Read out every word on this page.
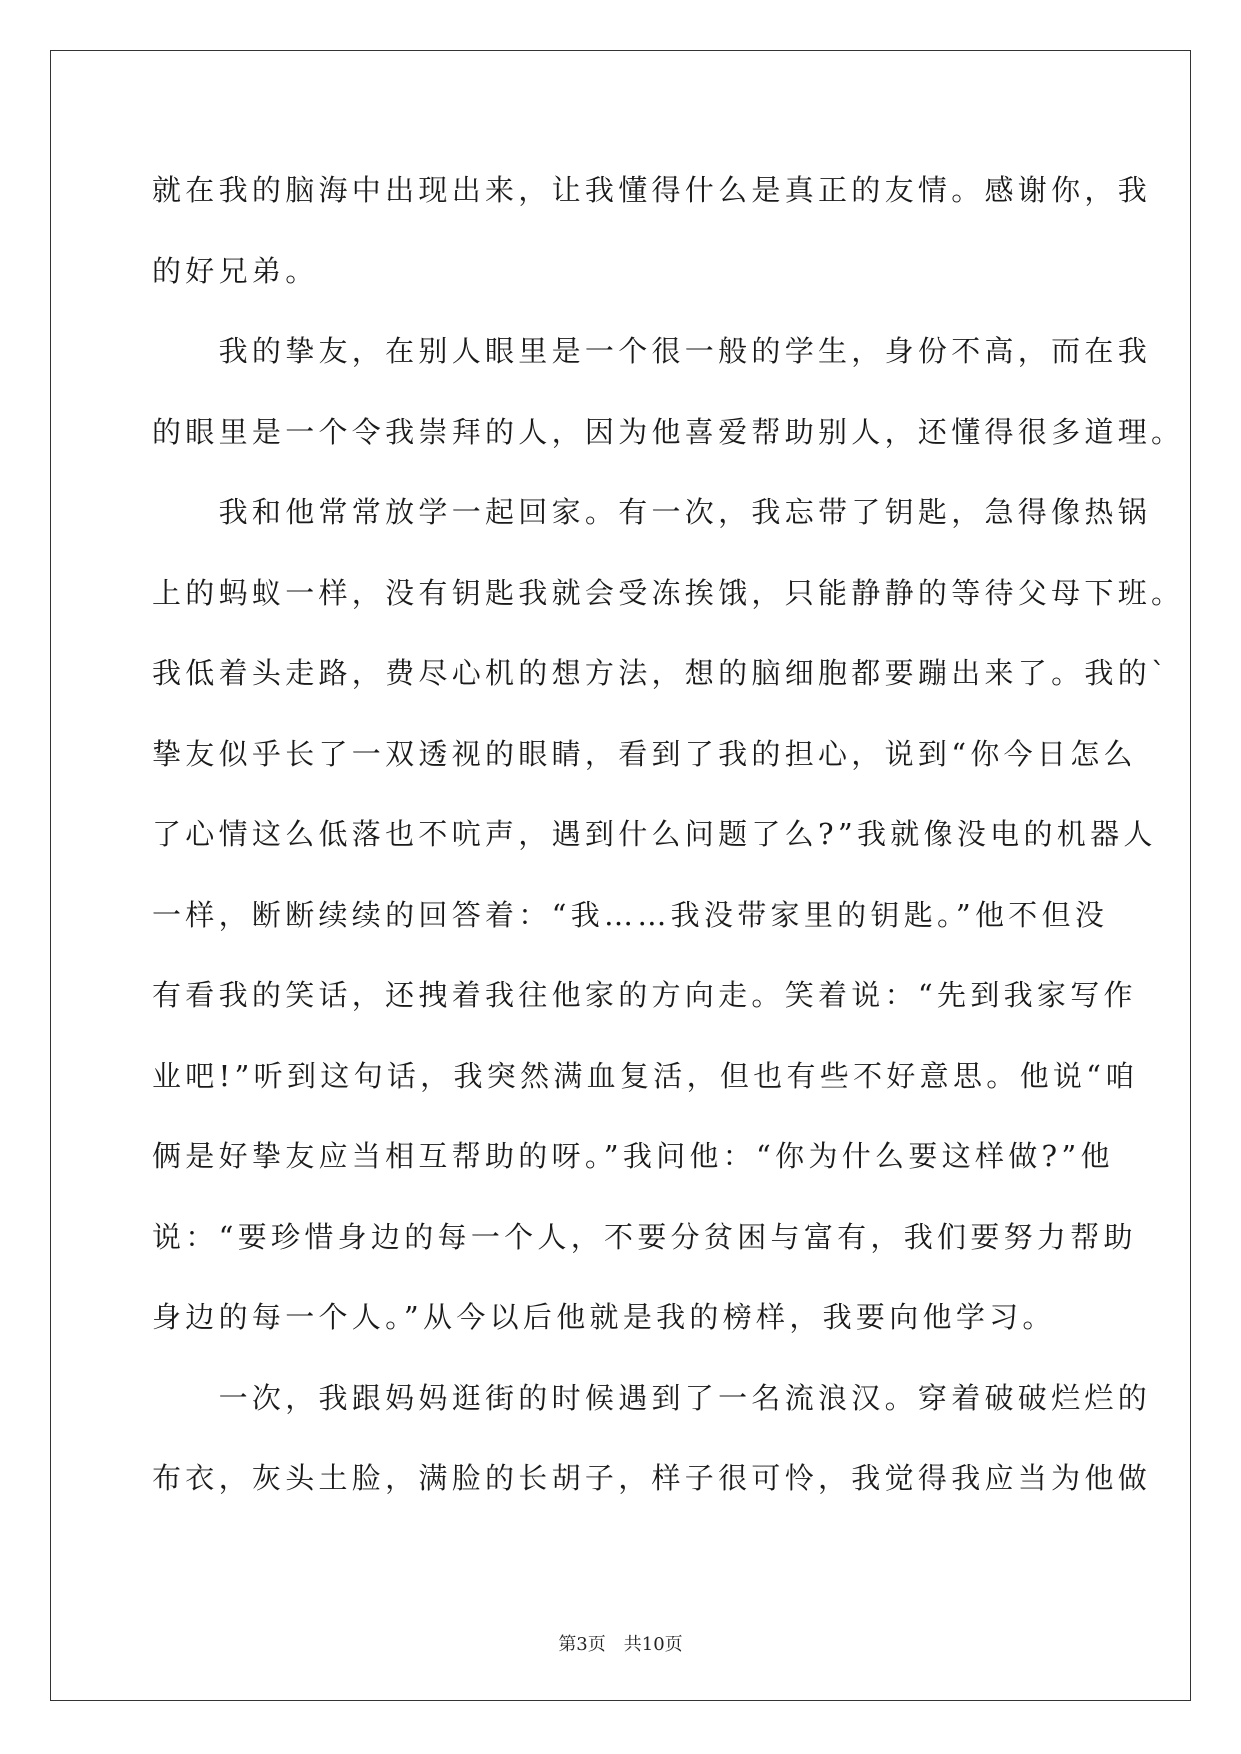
就在我的脑海中出现出来，让我懂得什么是真正的友情。感谢你，我
的好兄弟。
　　我的挚友，在别人眼里是一个很一般的学生，身份不高，而在我
的眼里是一个令我崇拜的人，因为他喜爱帮助别人，还懂得很多道理。
　　我和他常常放学一起回家。有一次，我忘带了钥匙，急得像热锅
上的蚂蚁一样，没有钥匙我就会受冻挨饿，只能静静的等待父母下班。
我低着头走路，费尽心机的想方法，想的脑细胞都要蹦出来了。我的`
挚友似乎长了一双透视的眼睛，看到了我的担心，说到“你今日怎么
了心情这么低落也不吭声，遇到什么问题了么?”我就像没电的机器人
一样，断断续续的回答着：“我……我没带家里的钥匙。”他不但没
有看我的笑话，还拽着我往他家的方向走。笑着说：“先到我家写作
业吧!”听到这句话，我突然满血复活，但也有些不好意思。他说“咱
俩是好挚友应当相互帮助的呀。”我问他：“你为什么要这样做?”他
说：“要珍惜身边的每一个人，不要分贫困与富有，我们要努力帮助
身边的每一个人。”从今以后他就是我的榜样，我要向他学习。
　　一次，我跟妈妈逛街的时候遇到了一名流浪汉。穿着破破烂烂的
布衣，灰头土脸，满脸的长胡子，样子很可怜，我觉得我应当为他做
第3页　共10页
